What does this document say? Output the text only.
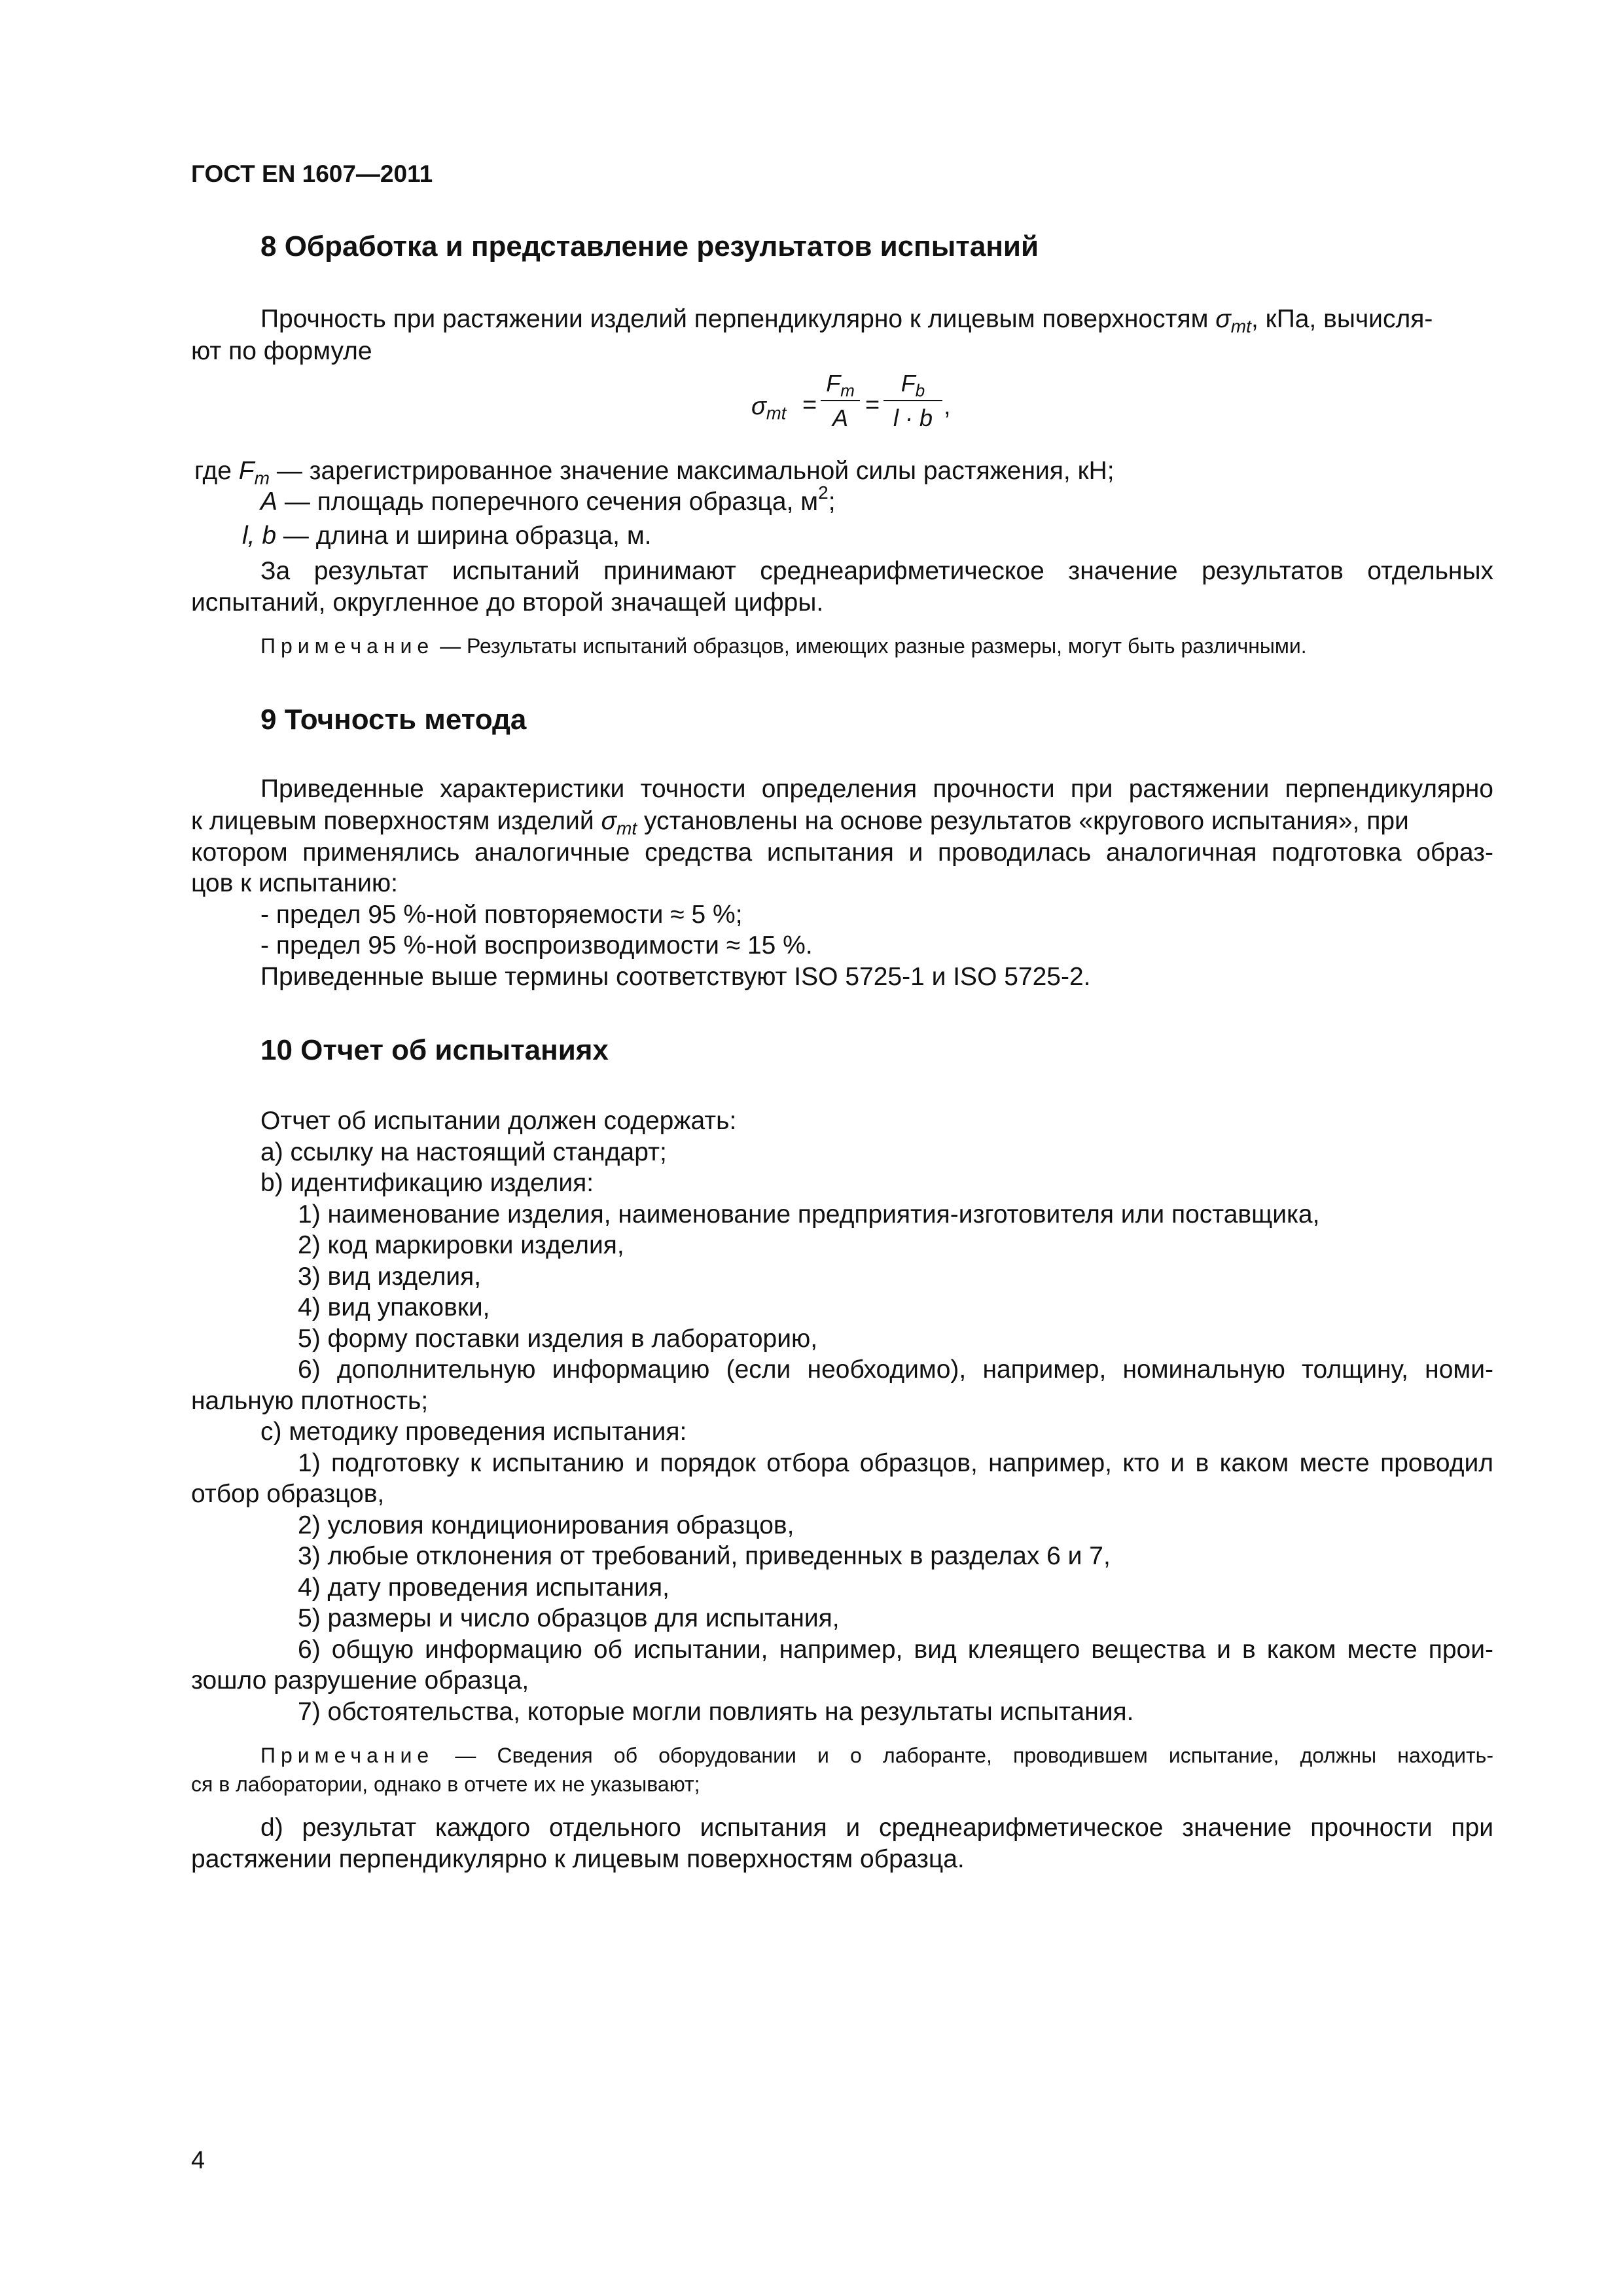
ГОСТ EN 1607—2011
8 Обработка и представление результатов испытаний
Прочность при растяжении изделий перпендикулярно к лицевым поверхностям $\sigma_{mt}$, кПа, вычисля-
ют по формуле
$\sigma_{mt}$ =
$F_m$
A =
$F_b$
l · b ,
где $F_m$ — зарегистрированное значение максимальной силы растяжения, кН;
A — площадь поперечного сечения образца, $м^2$;
l, b — длина и ширина образца, м.
За результат испытаний принимают среднеарифметическое значение результатов отдельных
испытаний, округленное до второй значащей цифры.
Примечание — Результаты испытаний образцов, имеющих разные размеры, могут быть различными.
9 Точность метода
Приведенные характеристики точности определения прочности при растяжении перпендикулярно
к лицевым поверхностям изделий $\sigma_{mt}$ установлены на основе результатов «кругового испытания», при
котором применялись аналогичные средства испытания и проводилась аналогичная подготовка образ-
цов к испытанию:
- предел 95 %-ной повторяемости ≈ 5 %;
- предел 95 %-ной воспроизводимости ≈ 15 %.
Приведенные выше термины соответствуют ISO 5725-1 и ISO 5725-2.
10 Отчет об испытаниях
Отчет об испытании должен содержать:
a) ссылку на настоящий стандарт;
b) идентификацию изделия:
1) наименование изделия, наименование предприятия-изготовителя или поставщика,
2) код маркировки изделия,
3) вид изделия,
4) вид упаковки,
5) форму поставки изделия в лабораторию,
6) дополнительную информацию (если необходимо), например, номинальную толщину, номи-
нальную плотность;
c) методику проведения испытания:
1) подготовку к испытанию и порядок отбора образцов, например, кто и в каком месте проводил
отбор образцов,
2) условия кондиционирования образцов,
3) любые отклонения от требований, приведенных в разделах 6 и 7,
4) дату проведения испытания,
5) размеры и число образцов для испытания,
6) общую информацию об испытании, например, вид клеящего вещества и в каком месте прои-
зошло разрушение образца,
7) обстоятельства, которые могли повлиять на результаты испытания.
Примечание — Сведения об оборудовании и о лаборанте, проводившем испытание, должны находить-
ся в лаборатории, однако в отчете их не указывают;
d) результат каждого отдельного испытания и среднеарифметическое значение прочности при
растяжении перпендикулярно к лицевым поверхностям образца.
4
